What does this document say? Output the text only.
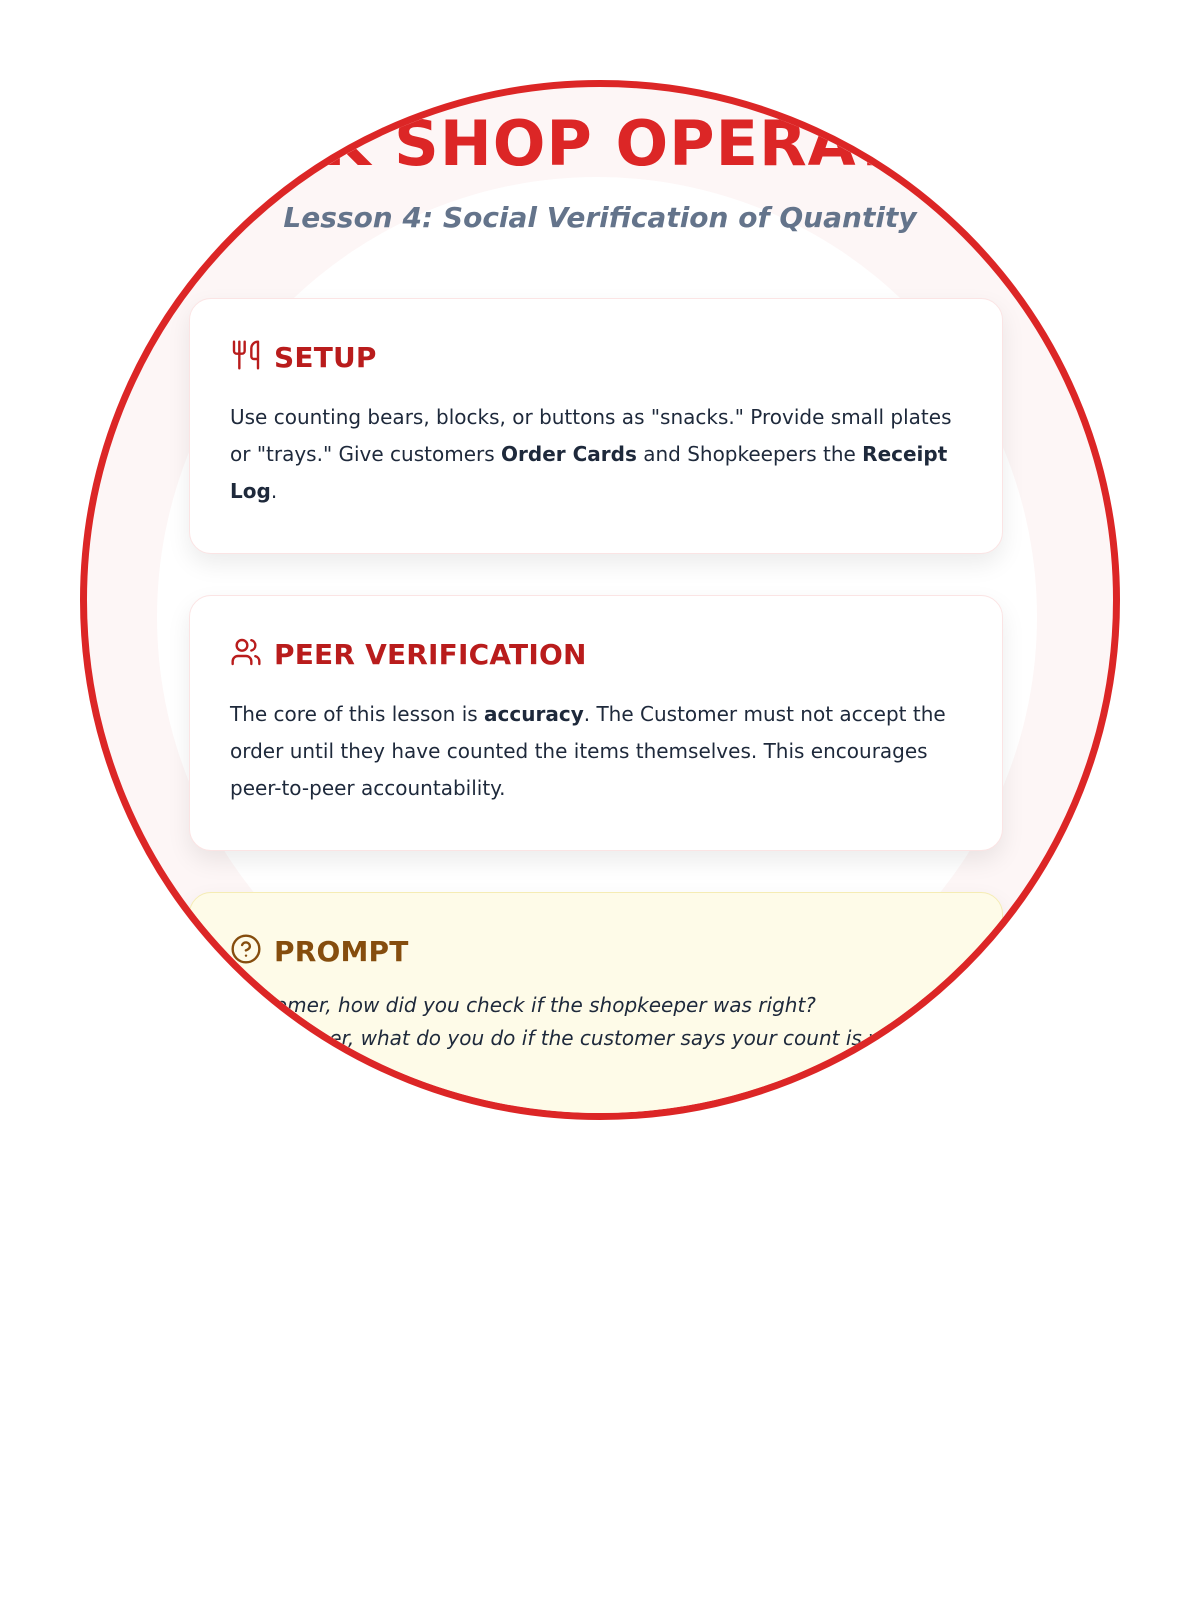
SNACK SHOP OPERATIONS
Lesson 4: Social Verification of Quantity
SETUP
Use counting bears, blocks, or buttons as "snacks." Provide small plates or "trays." Give customers Order Cards and Shopkeepers the Receipt Log.
PEER VERIFICATION
The core of this lesson is accuracy. The Customer must not accept the order until they have counted the items themselves. This encourages peer-to-peer accountability.
PROMPT
Customer, how did you check if the shopkeeper was right?
Shopkeeper, what do you do if the customer says your count is wrong?
